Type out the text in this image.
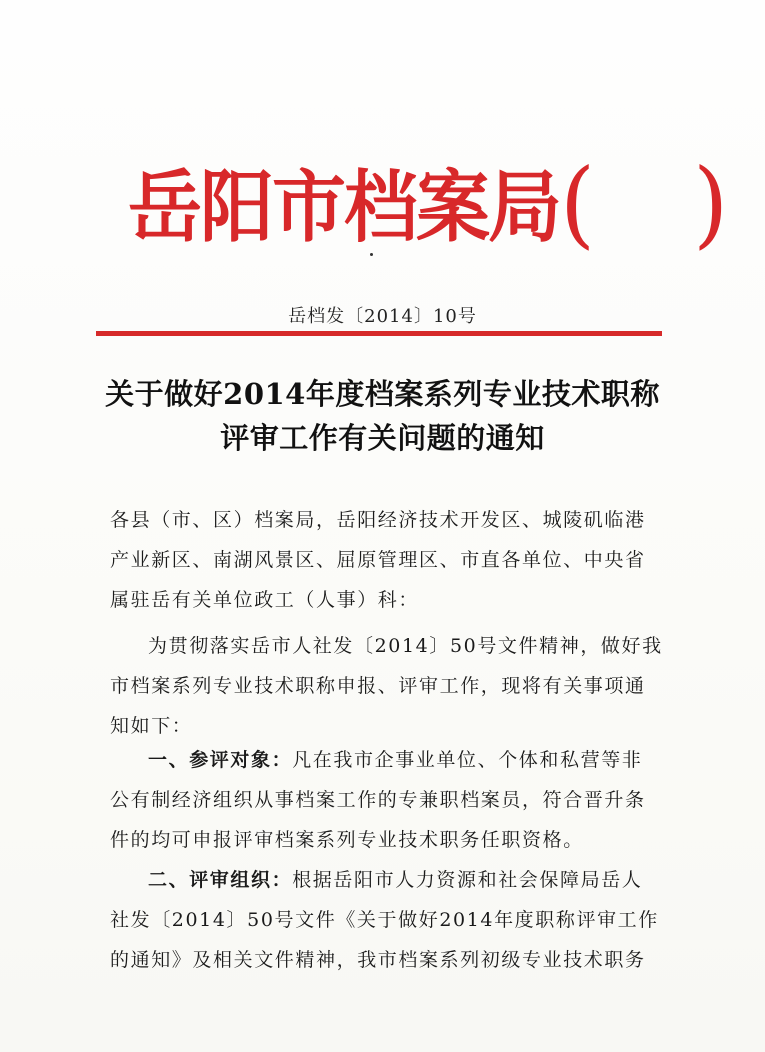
岳阳市档案局( )
岳档发〔2014〕10号
关于做好2014年度档案系列专业技术职称
评审工作有关问题的通知
各县（市、区）档案局，岳阳经济技术开发区、城陵矶临港
产业新区、南湖风景区、屈原管理区、市直各单位、中央省
属驻岳有关单位政工（人事）科：
为贯彻落实岳市人社发〔2014〕50号文件精神，做好我
市档案系列专业技术职称申报、评审工作，现将有关事项通
知如下：
一、参评对象：凡在我市企事业单位、个体和私营等非
公有制经济组织从事档案工作的专兼职档案员，符合晋升条
件的均可申报评审档案系列专业技术职务任职资格。
二、评审组织：根据岳阳市人力资源和社会保障局岳人
社发〔2014〕50号文件《关于做好2014年度职称评审工作
的通知》及相关文件精神，我市档案系列初级专业技术职务
